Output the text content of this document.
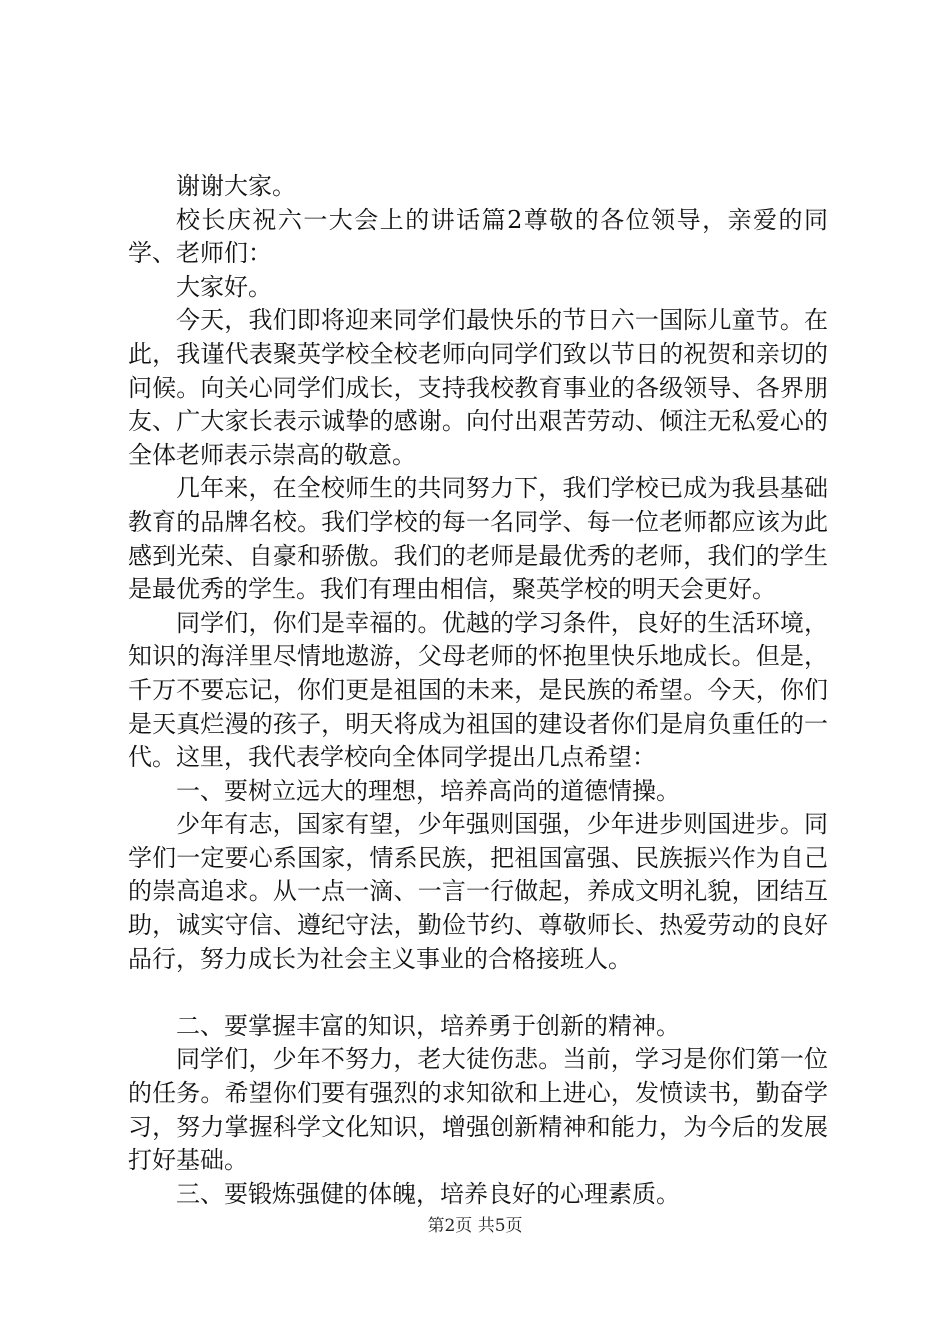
谢谢大家。

校长庆祝六一大会上的讲话篇2尊敬的各位领导，亲爱的同学、老师们：

大家好。

今天，我们即将迎来同学们最快乐的节日六一国际儿童节。在此，我谨代表聚英学校全校老师向同学们致以节日的祝贺和亲切的问候。向关心同学们成长，支持我校教育事业的各级领导、各界朋友、广大家长表示诚挚的感谢。向付出艰苦劳动、倾注无私爱心的全体老师表示崇高的敬意。

几年来，在全校师生的共同努力下，我们学校已成为我县基础教育的品牌名校。我们学校的每一名同学、每一位老师都应该为此感到光荣、自豪和骄傲。我们的老师是最优秀的老师，我们的学生是最优秀的学生。我们有理由相信，聚英学校的明天会更好。

同学们，你们是幸福的。优越的学习条件，良好的生活环境，知识的海洋里尽情地遨游，父母老师的怀抱里快乐地成长。但是，千万不要忘记，你们更是祖国的未来，是民族的希望。今天，你们是天真烂漫的孩子，明天将成为祖国的建设者你们是肩负重任的一代。这里，我代表学校向全体同学提出几点希望：

一、要树立远大的理想，培养高尚的道德情操。

少年有志，国家有望，少年强则国强，少年进步则国进步。同学们一定要心系国家，情系民族，把祖国富强、民族振兴作为自己的崇高追求。从一点一滴、一言一行做起，养成文明礼貌，团结互助，诚实守信、遵纪守法，勤俭节约、尊敬师长、热爱劳动的良好品行，努力成长为社会主义事业的合格接班人。

二、要掌握丰富的知识，培养勇于创新的精神。

同学们，少年不努力，老大徒伤悲。当前，学习是你们第一位的任务。希望你们要有强烈的求知欲和上进心，发愤读书，勤奋学习，努力掌握科学文化知识，增强创新精神和能力，为今后的发展打好基础。

三、要锻炼强健的体魄，培养良好的心理素质。

第2页 共5页
